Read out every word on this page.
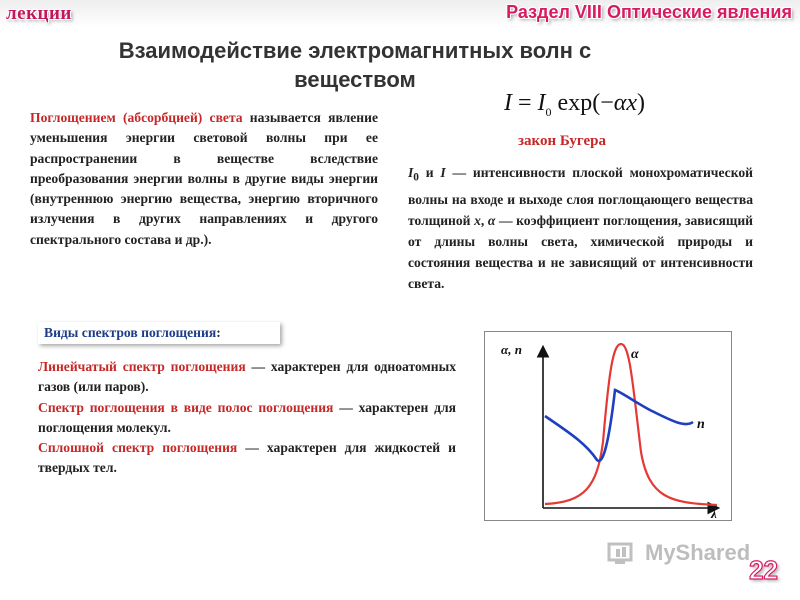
лекции	Раздел VIII Оптические явления
Взаимодействие электромагнитных волн с веществом
Поглощением (абсорбцией) света называется явление уменьшения энергии световой волны при ее распространении в веществе вследствие преобразования энергии волны в другие виды энергии (внутреннюю энергию вещества, энергию вторичного излучения в других направлениях и другого спектрального состава и др.).
$I = I_0$ exp(−αx)
закон Бугера
$I_0$ и I — интенсивности плоской монохроматической волны на входе и выходе слоя поглощающего вещества толщиной x, α — коэффициент поглощения, зависящий от длины волны света, химической природы и состояния вещества и не зависящий от интенсивности света.
Виды спектров поглощения:

Линейчатый спектр поглощения — характерен для одноатомных газов (или паров).

Спектр поглощения в виде полос поглощения — характерен для поглощения молекул.

Сплошной спектр поглощения — характерен для жидкостей и твердых тел.

α, n
λ
α
n
MyShared
22
